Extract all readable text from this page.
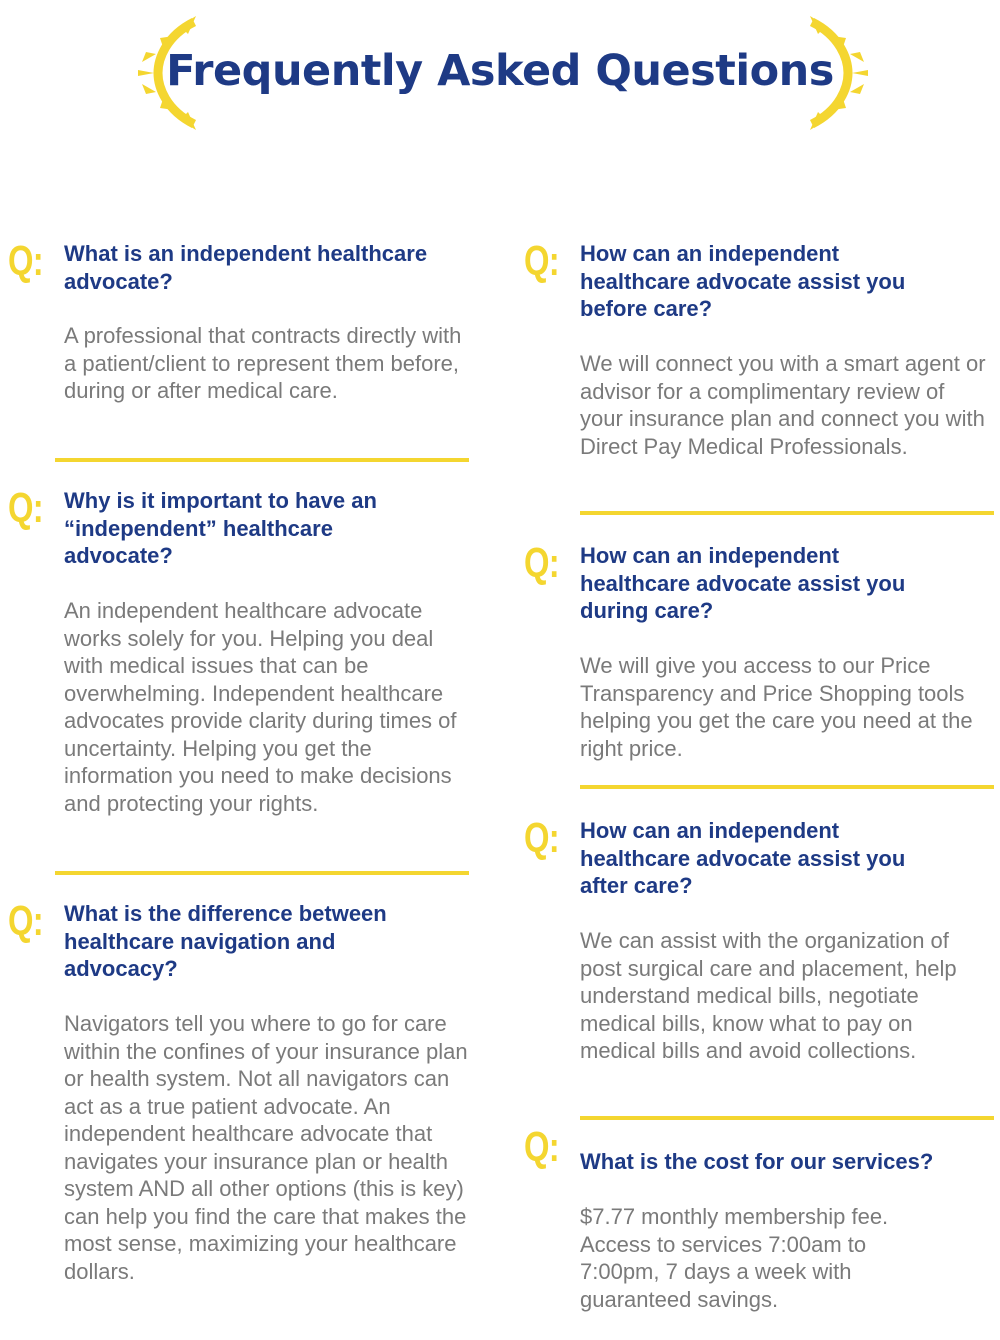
Frequently Asked Questions
Q: What is an independent healthcare advocate?

A professional that contracts directly with a patient/client to represent them before, during or after medical care.

Q: Why is it important to have an “independent” healthcare advocate?

An independent healthcare advocate works solely for you. Helping you deal with medical issues that can be overwhelming. Independent healthcare advocates provide clarity during times of uncertainty. Helping you get the information you need to make decisions and protecting your rights.

Q: What is the difference between healthcare navigation and advocacy?

Navigators tell you where to go for care within the confines of your insurance plan or health system. Not all navigators can act as a true patient advocate. An independent healthcare advocate that navigates your insurance plan or health system AND all other options (this is key) can help you find the care that makes the most sense, maximizing your healthcare dollars.

Q: How can an independent healthcare advocate assist you before care?

We will connect you with a smart agent or advisor for a complimentary review of your insurance plan and connect you with Direct Pay Medical Professionals.

Q: How can an independent healthcare advocate assist you during care?

We will give you access to our Price Transparency and Price Shopping tools helping you get the care you need at the right price.

Q: How can an independent healthcare advocate assist you after care?

We can assist with the organization of post surgical care and placement, help understand medical bills, negotiate medical bills, know what to pay on medical bills and avoid collections.

Q: What is the cost for our services?

$7.77 monthly membership fee. Access to services 7:00am to 7:00pm, 7 days a week with guaranteed savings.
